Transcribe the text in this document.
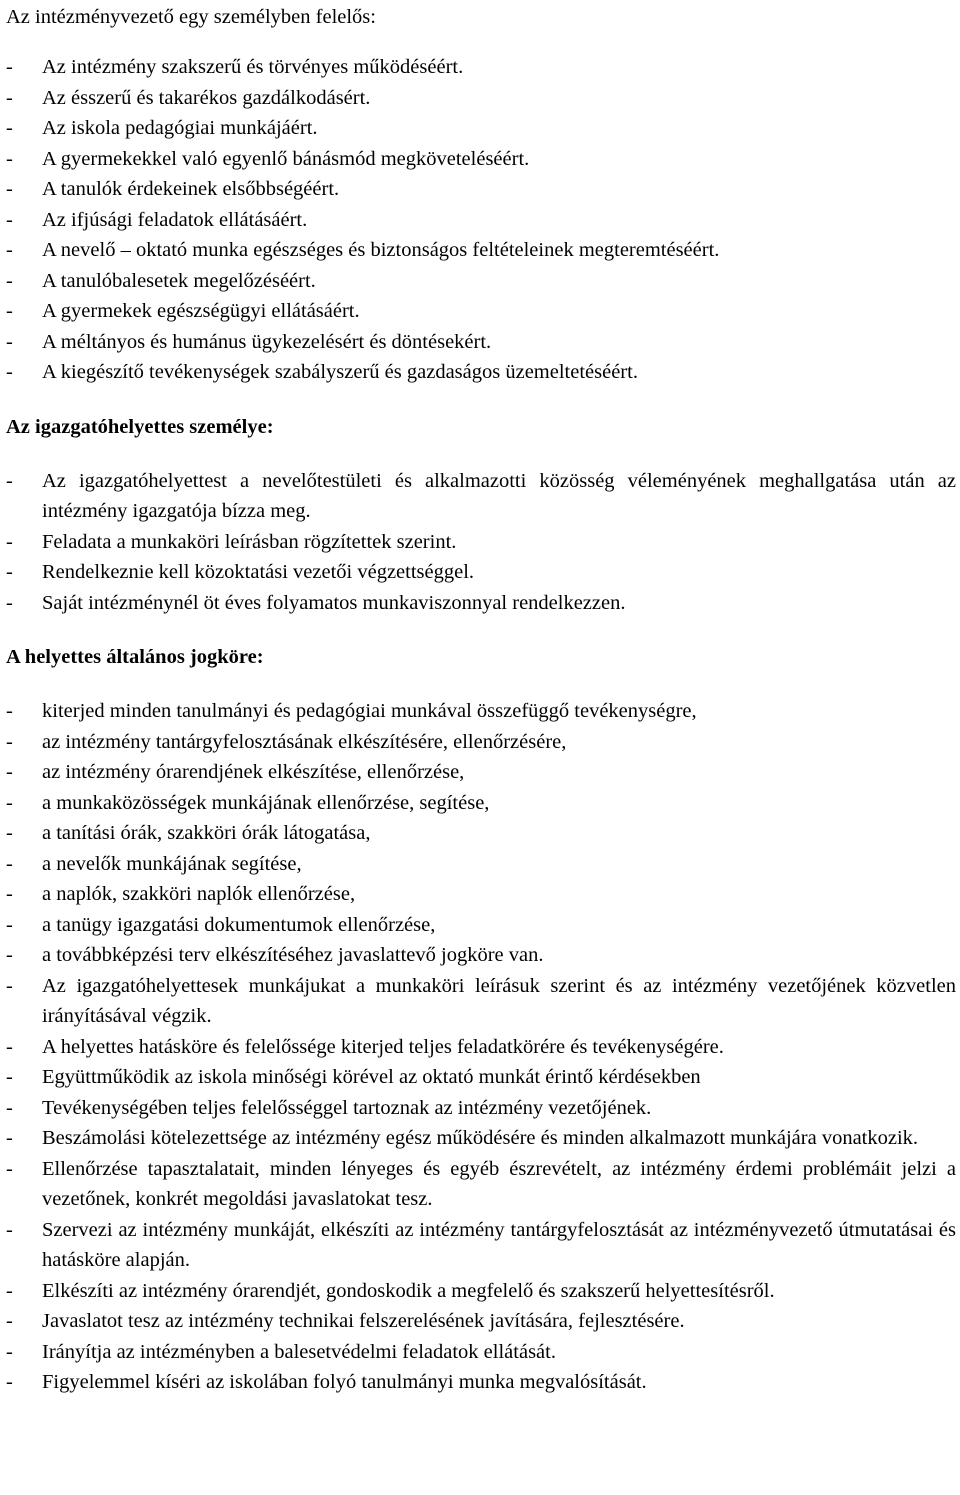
Az intézményvezető egy személyben felelős:

-	Az intézmény szakszerű és törvényes működéséért.
-	Az ésszerű és takarékos gazdálkodásért.
-	Az iskola pedagógiai munkájáért.
-	A gyermekekkel való egyenlő bánásmód megköveteléséért.
-	A tanulók érdekeinek elsőbbségéért.
-	Az ifjúsági feladatok ellátásáért.
-	A nevelő – oktató munka egészséges és biztonságos feltételeinek megteremtéséért.
-	A tanulóbalesetek megelőzéséért.
-	A gyermekek egészségügyi ellátásáért.
-	A méltányos és humánus ügykezelésért és döntésekért.
-	A kiegészítő tevékenységek szabályszerű és gazdaságos üzemeltetéséért.

Az igazgatóhelyettes személye:

-	Az igazgatóhelyettest a nevelőtestületi és alkalmazotti közösség véleményének meghallgatása után az intézmény igazgatója bízza meg.
-	Feladata a munkaköri leírásban rögzítettek szerint.
-	Rendelkeznie kell közoktatási vezetői végzettséggel.
-	Saját intézménynél öt éves folyamatos munkaviszonnyal rendelkezzen.

A helyettes általános jogköre:

-	kiterjed minden tanulmányi és pedagógiai munkával összefüggő tevékenységre,
-	az intézmény tantárgyfelosztásának elkészítésére, ellenőrzésére,
-	az intézmény órarendjének elkészítése, ellenőrzése,
-	a munkaközösségek munkájának ellenőrzése, segítése,
-	a tanítási órák, szakköri órák látogatása,
-	a nevelők munkájának segítése,
-	a naplók, szakköri naplók ellenőrzése,
-	a tanügy igazgatási dokumentumok ellenőrzése,
-	a továbbképzési terv elkészítéséhez javaslattevő jogköre van.
-	Az igazgatóhelyettesek munkájukat a munkaköri leírásuk szerint és az intézmény vezetőjének közvetlen irányításával végzik.
-	A helyettes hatásköre és felelőssége kiterjed teljes feladatkörére és tevékenységére.
-	Együttműködik az iskola minőségi körével az oktató munkát érintő kérdésekben
-	Tevékenységében teljes felelősséggel tartoznak az intézmény vezetőjének.
-	Beszámolási kötelezettsége az intézmény egész működésére és minden alkalmazott munkájára vonatkozik.
-	Ellenőrzése tapasztalatait, minden lényeges és egyéb észrevételt, az intézmény érdemi problémáit jelzi a vezetőnek, konkrét megoldási javaslatokat tesz.
-	Szervezi az intézmény munkáját, elkészíti az intézmény tantárgyfelosztását az intézményvezető útmutatásai és hatásköre alapján.
-	Elkészíti az intézmény órarendjét, gondoskodik a megfelelő és szakszerű helyettesítésről.
-	Javaslatot tesz az intézmény technikai felszerelésének javítására, fejlesztésére.
-	Irányítja az intézményben a balesetvédelmi feladatok ellátását.
-	Figyelemmel kíséri az iskolában folyó tanulmányi munka megvalósítását.
